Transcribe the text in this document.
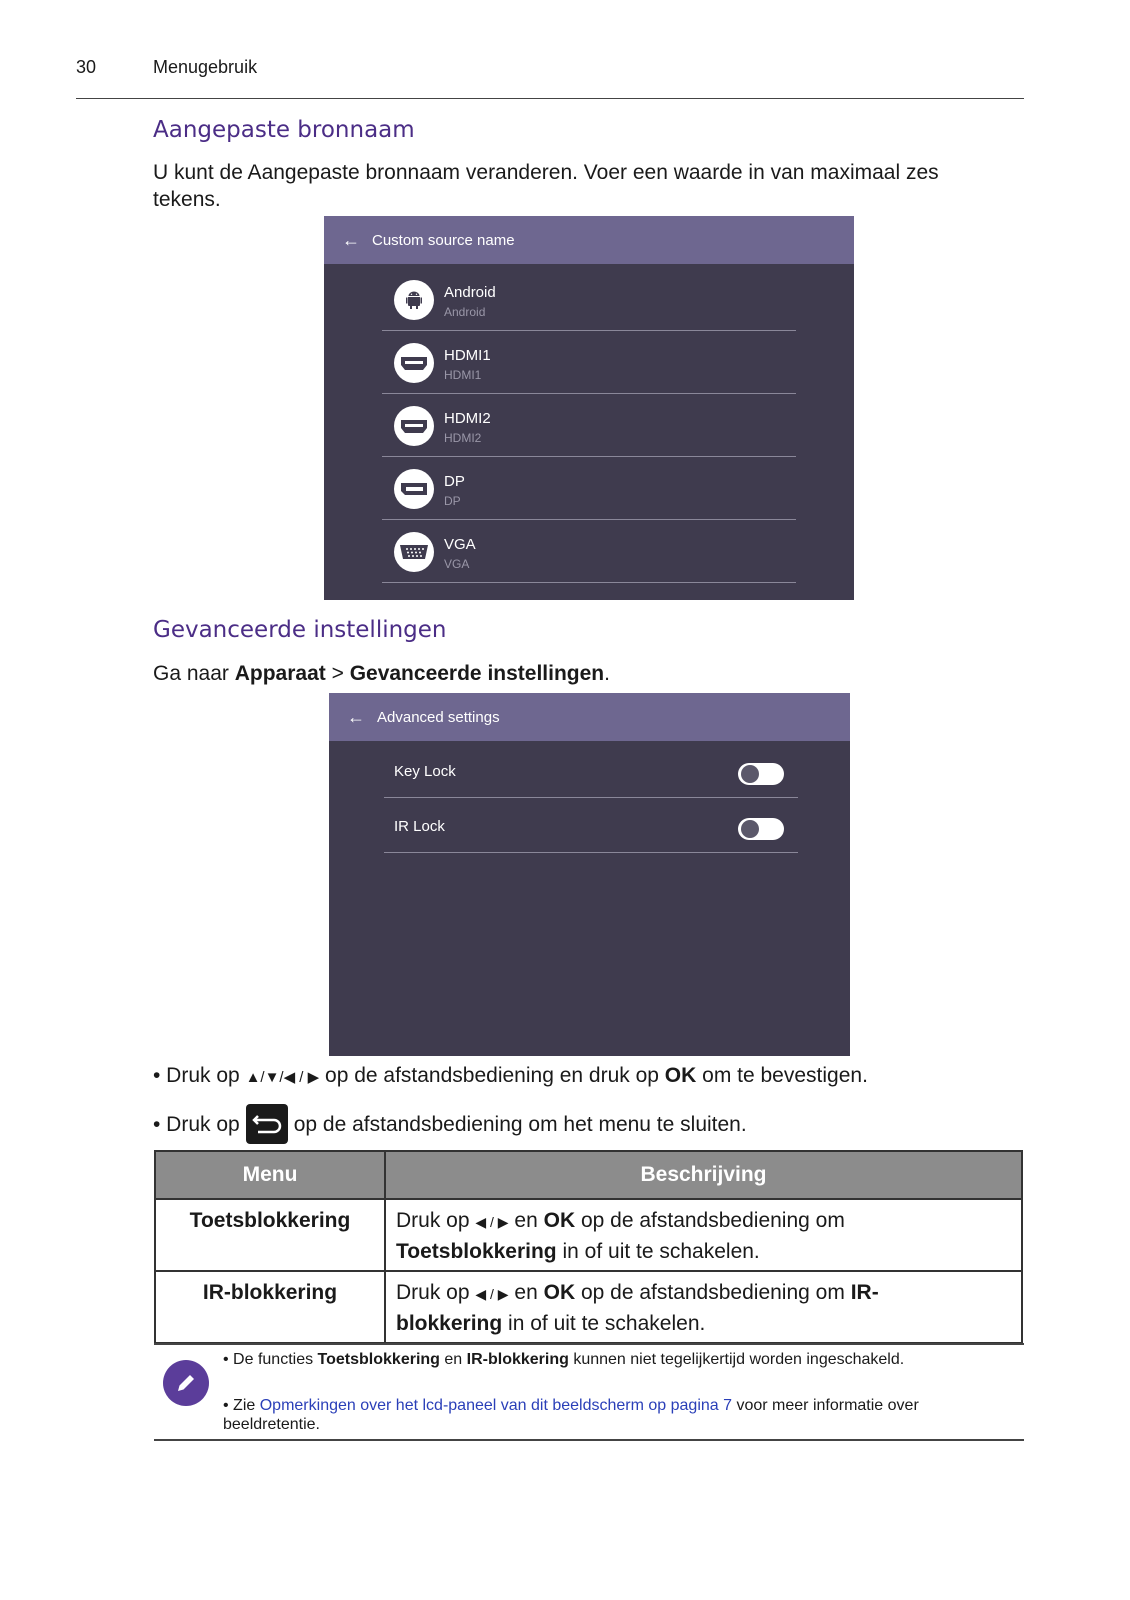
30	Menugebruik
Aangepaste bronnaam
U kunt de Aangepaste bronnaam veranderen. Voer een waarde in van maximaal zes tekens.
← Custom source name
Android
Android
HDMI1
HDMI1
HDMI2
HDMI2
DP
DP
VGA
VGA
Gevanceerde instellingen
Ga naar Apparaat > Gevanceerde instellingen.
← Advanced settings
Key Lock
IR Lock
• Druk op ▲/▼/◀ / ▶ op de afstandsbediening en druk op OK om te bevestigen.
• Druk op	op de afstandsbediening om het menu te sluiten.
Menu	Beschrijving
Toetsblokkering	Druk op ◀ / ▶ en OK op de afstandsbediening om
Toetsblokkering in of uit te schakelen.
IR-blokkering	Druk op ◀ / ▶ en OK op de afstandsbediening om IR-
blokkering in of uit te schakelen.
• De functies Toetsblokkering en IR-blokkering kunnen niet tegelijkertijd worden ingeschakeld.
• Zie Opmerkingen over het lcd-paneel van dit beeldscherm op pagina 7 voor meer informatie over beeldretentie.
